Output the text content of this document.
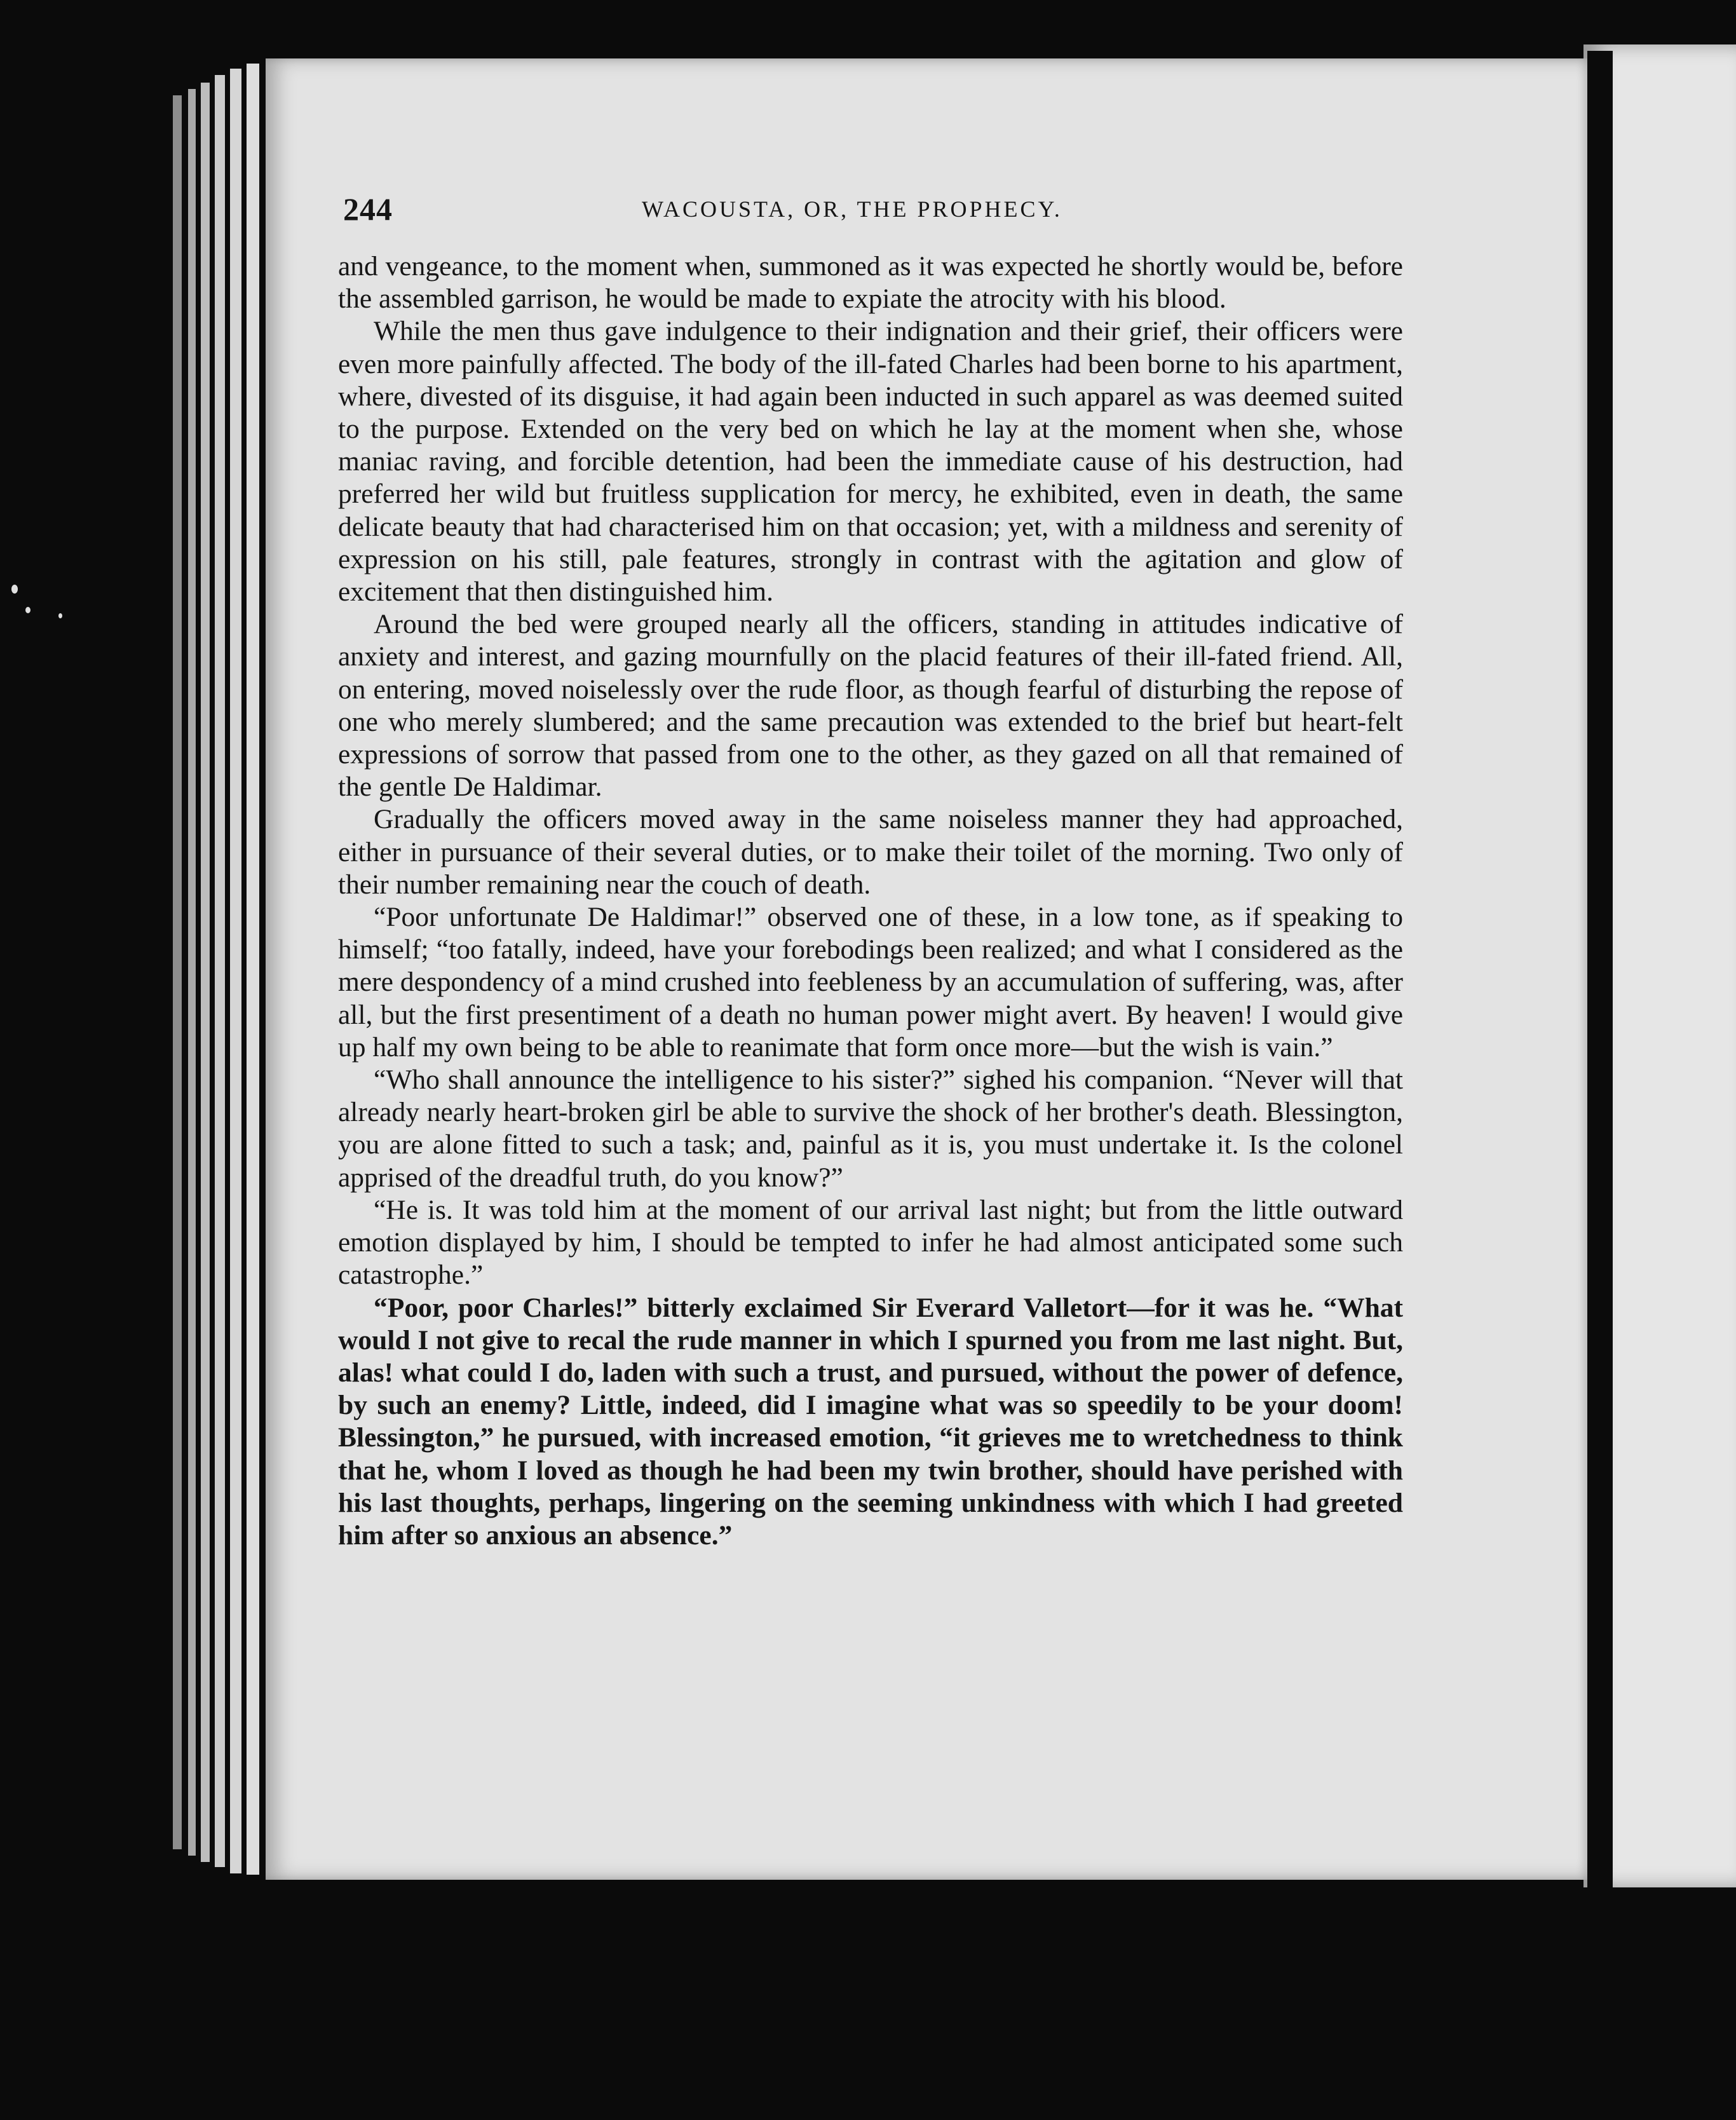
244	WACOUSTA, OR, THE PROPHECY.

and vengeance, to the moment when, summoned as it was expected he shortly would be, before the assembled garrison, he would be made to expiate the atrocity with his blood.

While the men thus gave indulgence to their indignation and their grief, their officers were even more painfully affected. The body of the ill-fated Charles had been borne to his apartment, where, divested of its disguise, it had again been inducted in such apparel as was deemed suited to the purpose. Extended on the very bed on which he lay at the moment when she, whose maniac raving, and forcible detention, had been the immediate cause of his destruction, had preferred her wild but fruitless supplication for mercy, he exhibited, even in death, the same delicate beauty that had characterised him on that occasion; yet, with a mildness and serenity of expression on his still, pale features, strongly in contrast with the agitation and glow of excitement that then distinguished him.

Around the bed were grouped nearly all the officers, standing in attitudes indicative of anxiety and interest, and gazing mournfully on the placid features of their ill-fated friend. All, on entering, moved noiselessly over the rude floor, as though fearful of disturbing the repose of one who merely slumbered; and the same precaution was extended to the brief but heart-felt expressions of sorrow that passed from one to the other, as they gazed on all that remained of the gentle De Haldimar.

Gradually the officers moved away in the same noiseless manner they had approached, either in pursuance of their several duties, or to make their toilet of the morning. Two only of their number remaining near the couch of death.

“Poor unfortunate De Haldimar!” observed one of these, in a low tone, as if speaking to himself; “too fatally, indeed, have your forebodings been realized; and what I considered as the mere despondency of a mind crushed into feebleness by an accumulation of suffering, was, after all, but the first presentiment of a death no human power might avert. By heaven! I would give up half my own being to be able to reanimate that form once more—but the wish is vain.”

“Who shall announce the intelligence to his sister?” sighed his companion. “Never will that already nearly heart-broken girl be able to survive the shock of her brother's death. Blessington, you are alone fitted to such a task; and, painful as it is, you must undertake it. Is the colonel apprised of the dreadful truth, do you know?”

“He is. It was told him at the moment of our arrival last night; but from the little outward emotion displayed by him, I should be tempted to infer he had almost anticipated some such catastrophe.”

“Poor, poor Charles!” bitterly exclaimed Sir Everard Valletort—for it was he. “What would I not give to recal the rude manner in which I spurned you from me last night. But, alas! what could I do, laden with such a trust, and pursued, without the power of defence, by such an enemy? Little, indeed, did I imagine what was so speedily to be your doom! Blessington,” he pursued, with increased emotion, “it grieves me to wretchedness to think that he, whom I loved as though he had been my twin brother, should have perished with his last thoughts, perhaps, lingering on the seeming unkindness with which I had greeted him after so anxious an absence.”
